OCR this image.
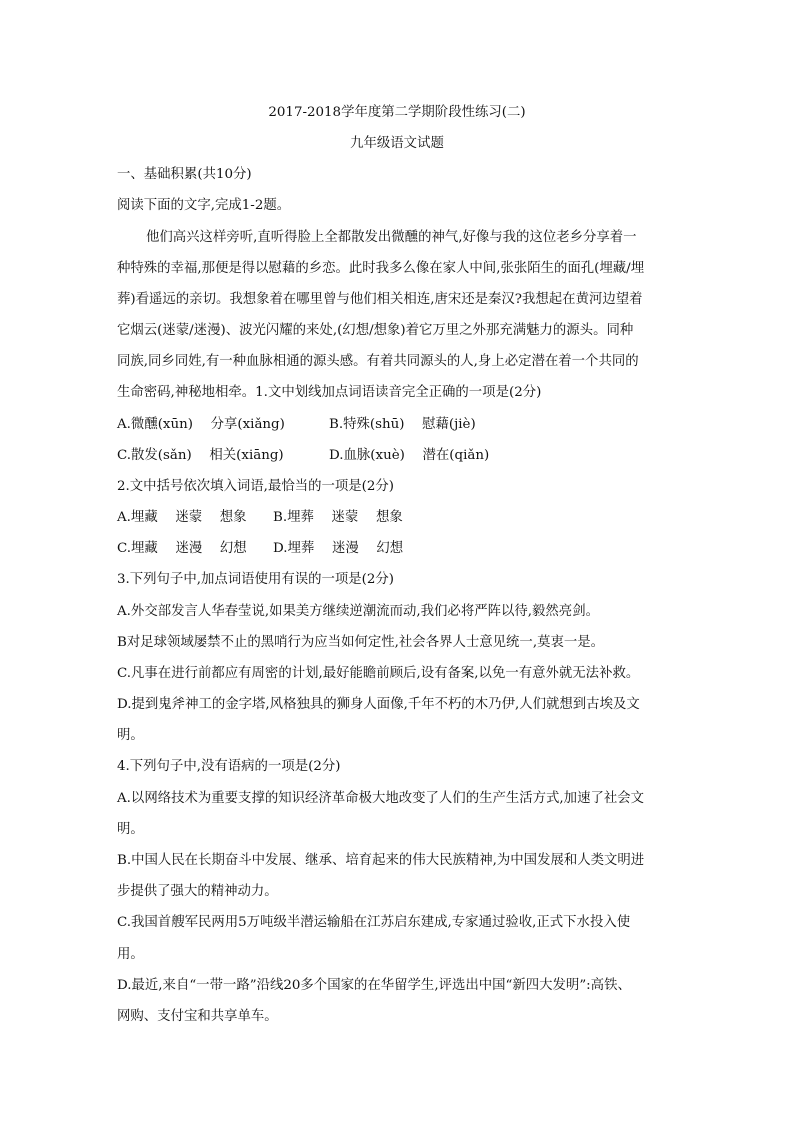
2017-2018学年度第二学期阶段性练习(二)
九年级语文试题
一、基础积累(共10分)
阅读下面的文字,完成1-2题。
他们高兴这样旁听,直听得脸上全都散发出微醺的神气,好像与我的这位老乡分享着一
种特殊的幸福,那便是得以慰藉的乡恋。此时我多么像在家人中间,张张陌生的面孔(埋藏/埋
葬)看遥远的亲切。我想象着在哪里曾与他们相关相连,唐宋还是秦汉?我想起在黄河边望着
它烟云(迷蒙/迷漫)、波光闪耀的来处,(幻想/想象)着它万里之外那充满魅力的源头。同种
同族,同乡同姓,有一种血脉相通的源头感。有着共同源头的人,身上必定潜在着一个共同的
生命密码,神秘地相牵。1.文中划线加点词语读音完全正确的一项是(2分)
A.微醺(xūn)　 分享(xiǎng)	B.特殊(shū)　 慰藉(jiè)
C.散发(sǎn)　 相关(xiāng)	D.血脉(xuè)　 潜在(qiǎn)
2.文中括号依次填入词语,最恰当的一项是(2分)
A.埋藏　 迷蒙　 想象 B.埋葬　 迷蒙　 想象
C.埋藏　 迷漫　 幻想 D.埋葬　 迷漫　 幻想
3.下列句子中,加点词语使用有误的一项是(2分)
A.外交部发言人华春莹说,如果美方继续逆潮流而动,我们必将严阵以待,毅然亮剑。
B对足球领域屡禁不止的黑哨行为应当如何定性,社会各界人士意见统一,莫衷一是。
C.凡事在进行前都应有周密的计划,最好能瞻前顾后,设有备案,以免一有意外就无法补救。
D.提到鬼斧神工的金字塔,风格独具的狮身人面像,千年不朽的木乃伊,人们就想到古埃及文
明。
4.下列句子中,没有语病的一项是(2分)
A.以网络技术为重要支撑的知识经济革命极大地改变了人们的生产生活方式,加速了社会文
明。
B.中国人民在长期奋斗中发展、继承、培育起来的伟大民族精神,为中国发展和人类文明进
步提供了强大的精神动力。
C.我国首艘军民两用5万吨级半潜运输船在江苏启东建成,专家通过验收,正式下水投入使
用。
D.最近,来自“一带一路”沿线20多个国家的在华留学生,评选出中国“新四大发明”:高铁、
网购、支付宝和共享单车。
